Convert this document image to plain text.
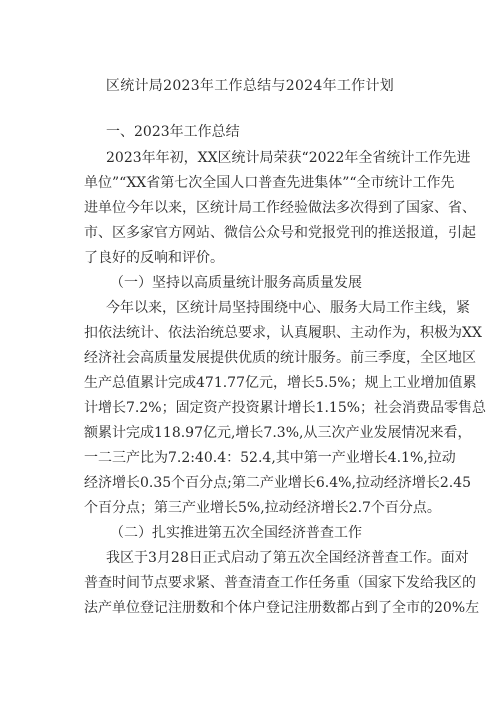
区统计局2023年工作总结与2024年工作计划
一、2023年工作总结
2023年年初，XX区统计局荣获“2022年全省统计工作先进
单位”“XX省第七次全国人口普查先进集体”“全市统计工作先
进单位今年以来，区统计局工作经验做法多次得到了国家、省、
市、区多家官方网站、微信公众号和党报党刊的推送报道，引起
了良好的反响和评价。
（一）坚持以高质量统计服务高质量发展
今年以来，区统计局坚持围绕中心、服务大局工作主线，紧
扣依法统计、依法治统总要求，认真履职、主动作为，积极为XX
经济社会高质量发展提供优质的统计服务。前三季度，全区地区
生产总值累计完成471.77亿元，增长5.5%；规上工业增加值累
计增长7.2%；固定资产投资累计增长1.15%；社会消费品零售总
额累计完成118.97亿元,增长7.3%,从三次产业发展情况来看，
一二三产比为7.2:40.4：52.4,其中第一产业增长4.1%,拉动
经济增长0.35个百分点;第二产业增长6.4%,拉动经济增长2.45
个百分点；第三产业增长5%,拉动经济增长2.7个百分点。
（二）扎实推进第五次全国经济普查工作
我区于3月28日正式启动了第五次全国经济普查工作。面对
普查时间节点要求紧、普查清查工作任务重（国家下发给我区的
法产单位登记注册数和个体户登记注册数都占到了全市的20%左
